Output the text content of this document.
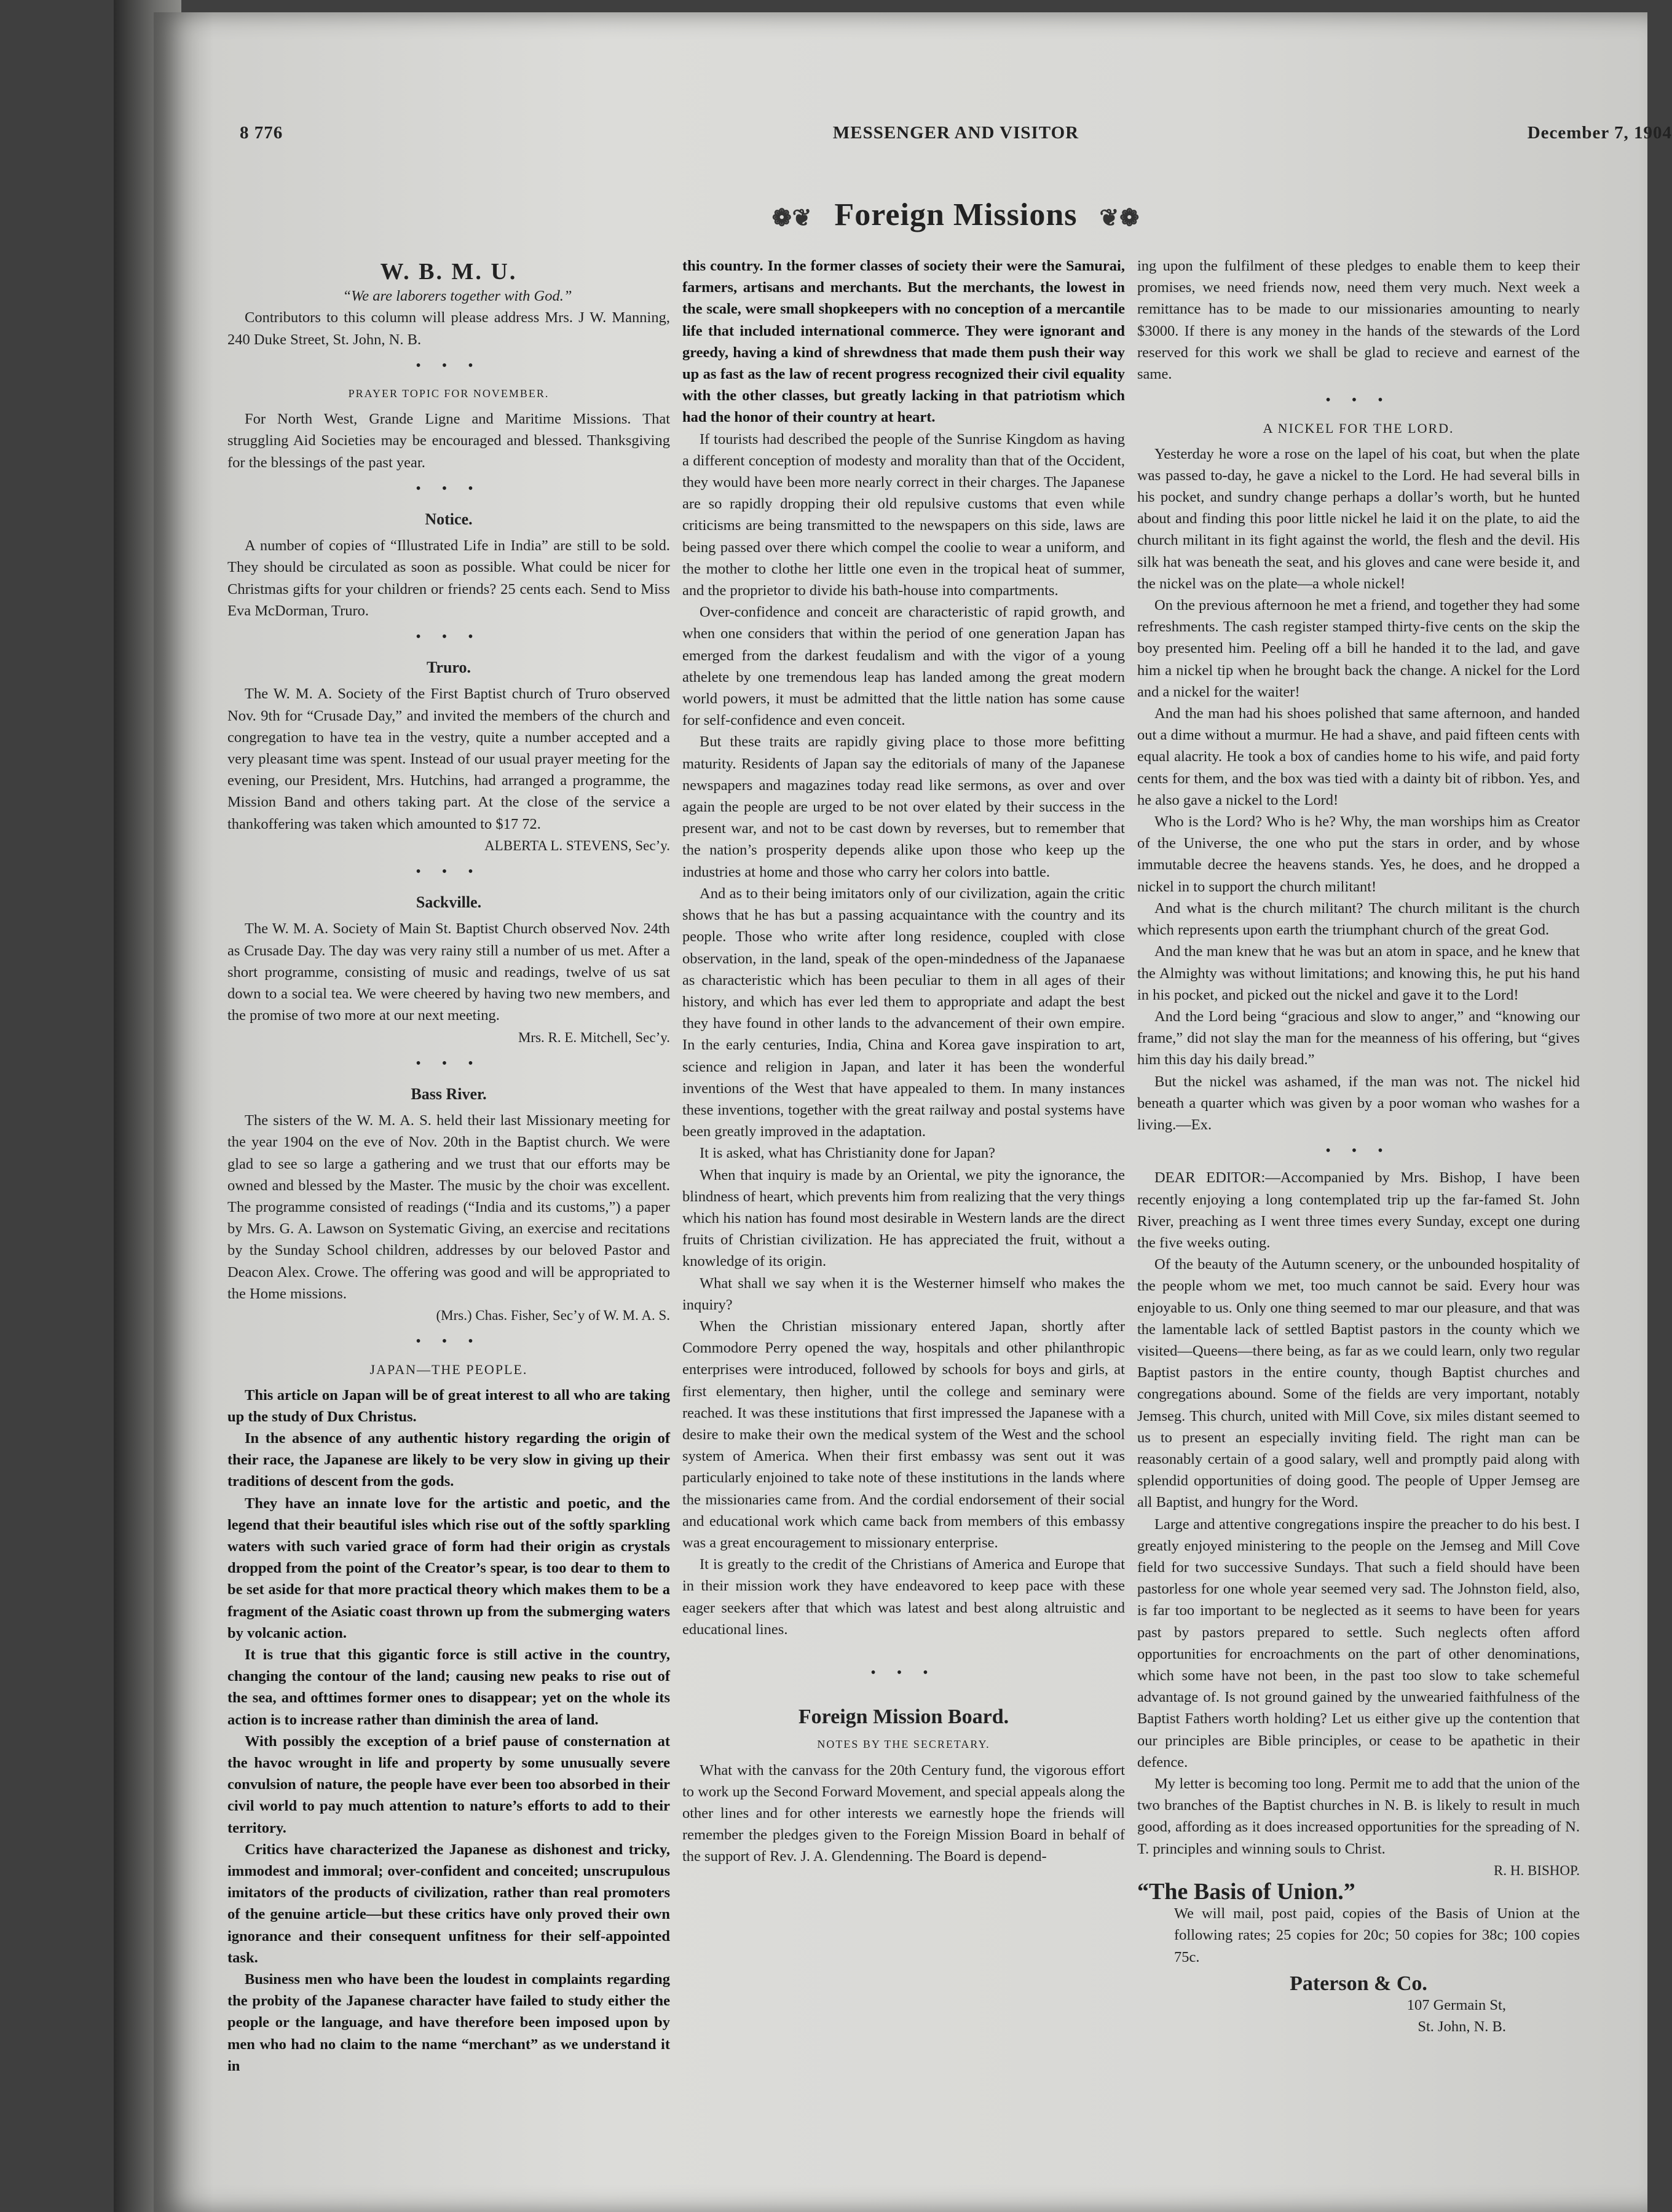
8 776	MESSENGER AND VISITOR	December 7, 1904
❁❦ Foreign Missions ❦❁
W. B. M. U.

“We are laborers together with God.”

Contributors to this column will please address Mrs. J W. Manning, 240 Duke Street, St. John, N. B.

• • •
PRAYER TOPIC FOR NOVEMBER.

For North West, Grande Ligne and Maritime Missions. That struggling Aid Societies may be encouraged and blessed. Thanksgiving for the blessings of the past year.

• • •
Notice.

A number of copies of “Illustrated Life in India” are still to be sold. They should be circulated as soon as possible. What could be nicer for Christmas gifts for your children or friends? 25 cents each. Send to Miss Eva McDorman, Truro.

• • •
Truro.

The W. M. A. Society of the First Baptist church of Truro observed Nov. 9th for “Crusade Day,” and invited the members of the church and congregation to have tea in the vestry, quite a number accepted and a very pleasant time was spent. Instead of our usual prayer meeting for the evening, our President, Mrs. Hutchins, had arranged a programme, the Mission Band and others taking part. At the close of the service a thankoffering was taken which amounted to $17 72.

ALBERTA L. STEVENS, Sec’y.
• • •
Sackville.

The W. M. A. Society of Main St. Baptist Church observed Nov. 24th as Crusade Day. The day was very rainy still a number of us met. After a short programme, consisting of music and readings, twelve of us sat down to a social tea. We were cheered by having two new members, and the promise of two more at our next meeting.

Mrs. R. E. Mitchell, Sec’y.
• • •
Bass River.

The sisters of the W. M. A. S. held their last Missionary meeting for the year 1904 on the eve of Nov. 20th in the Baptist church. We were glad to see so large a gathering and we trust that our efforts may be owned and blessed by the Master. The music by the choir was excellent. The programme consisted of readings (“India and its customs,”) a paper by Mrs. G. A. Lawson on Systematic Giving, an exercise and recitations by the Sunday School children, addresses by our beloved Pastor and Deacon Alex. Crowe. The offering was good and will be appropriated to the Home missions.

(Mrs.) Chas. Fisher, Sec’y of W. M. A. S.
• • •
JAPAN—THE PEOPLE.

This article on Japan will be of great interest to all who are taking up the study of Dux Christus.

In the absence of any authentic history regarding the origin of their race, the Japanese are likely to be very slow in giving up their traditions of descent from the gods.

They have an innate love for the artistic and poetic, and the legend that their beautiful isles which rise out of the softly sparkling waters with such varied grace of form had their origin as crystals dropped from the point of the Creator’s spear, is too dear to them to be set aside for that more practical theory which makes them to be a fragment of the Asiatic coast thrown up from the submerging waters by volcanic action.

It is true that this gigantic force is still active in the country, changing the contour of the land; causing new peaks to rise out of the sea, and ofttimes former ones to disappear; yet on the whole its action is to increase rather than diminish the area of land.

With possibly the exception of a brief pause of consternation at the havoc wrought in life and property by some unusually severe convulsion of nature, the people have ever been too absorbed in their civil world to pay much attention to nature’s efforts to add to their territory.

Critics have characterized the Japanese as dishonest and tricky, immodest and immoral; over-confident and conceited; unscrupulous imitators of the products of civilization, rather than real promoters of the genuine article—but these critics have only proved their own ignorance and their consequent unfitness for their self-appointed task.

Business men who have been the loudest in complaints regarding the probity of the Japanese character have failed to study either the people or the language, and have therefore been imposed upon by men who had no claim to the name “merchant” as we understand it in

this country. In the former classes of society their were the Samurai, farmers, artisans and merchants. But the merchants, the lowest in the scale, were small shopkeepers with no conception of a mercantile life that included international commerce. They were ignorant and greedy, having a kind of shrewdness that made them push their way up as fast as the law of recent progress recognized their civil equality with the other classes, but greatly lacking in that patriotism which had the honor of their country at heart.

If tourists had described the people of the Sunrise Kingdom as having a different conception of modesty and morality than that of the Occident, they would have been more nearly correct in their charges. The Japanese are so rapidly dropping their old repulsive customs that even while criticisms are being transmitted to the newspapers on this side, laws are being passed over there which compel the coolie to wear a uniform, and the mother to clothe her little one even in the tropical heat of summer, and the proprietor to divide his bath-house into compartments.

Over-confidence and conceit are characteristic of rapid growth, and when one considers that within the period of one generation Japan has emerged from the darkest feudalism and with the vigor of a young athelete by one tremendous leap has landed among the great modern world powers, it must be admitted that the little nation has some cause for self-confidence and even conceit.

But these traits are rapidly giving place to those more befitting maturity. Residents of Japan say the editorials of many of the Japanese newspapers and magazines today read like sermons, as over and over again the people are urged to be not over elated by their success in the present war, and not to be cast down by reverses, but to remember that the nation’s prosperity depends alike upon those who keep up the industries at home and those who carry her colors into battle.

And as to their being imitators only of our civilization, again the critic shows that he has but a passing acquaintance with the country and its people. Those who write after long residence, coupled with close observation, in the land, speak of the open-mindedness of the Japanaese as characteristic which has been peculiar to them in all ages of their history, and which has ever led them to appropriate and adapt the best they have found in other lands to the advancement of their own empire. In the early centuries, India, China and Korea gave inspiration to art, science and religion in Japan, and later it has been the wonderful inventions of the West that have appealed to them. In many instances these inventions, together with the great railway and postal systems have been greatly improved in the adaptation.

It is asked, what has Christianity done for Japan?

When that inquiry is made by an Oriental, we pity the ignorance, the blindness of heart, which prevents him from realizing that the very things which his nation has found most desirable in Western lands are the direct fruits of Christian civilization. He has appreciated the fruit, without a knowledge of its origin.

What shall we say when it is the Westerner himself who makes the inquiry?

When the Christian missionary entered Japan, shortly after Commodore Perry opened the way, hospitals and other philanthropic enterprises were introduced, followed by schools for boys and girls, at first elementary, then higher, until the college and seminary were reached. It was these institutions that first impressed the Japanese with a desire to make their own the medical system of the West and the school system of America. When their first embassy was sent out it was particularly enjoined to take note of these institutions in the lands where the missionaries came from. And the cordial endorsement of their social and educational work which came back from members of this embassy was a great encouragement to missionary enterprise.

It is greatly to the credit of the Christians of America and Europe that in their mission work they have endeavored to keep pace with these eager seekers after that which was latest and best along altruistic and educational lines.

• • •
Foreign Mission Board.
NOTES BY THE SECRETARY.

What with the canvass for the 20th Century fund, the vigorous effort to work up the Second Forward Movement, and special appeals along the other lines and for other interests we earnestly hope the friends will remember the pledges given to the Foreign Mission Board in behalf of the support of Rev. J. A. Glendenning. The Board is depend-

ing upon the fulfilment of these pledges to enable them to keep their promises, we need friends now, need them very much. Next week a remittance has to be made to our missionaries amounting to nearly $3000. If there is any money in the hands of the stewards of the Lord reserved for this work we shall be glad to recieve and earnest of the same.

• • •
A NICKEL FOR THE LORD.

Yesterday he wore a rose on the lapel of his coat, but when the plate was passed to-day, he gave a nickel to the Lord. He had several bills in his pocket, and sundry change perhaps a dollar’s worth, but he hunted about and finding this poor little nickel he laid it on the plate, to aid the church militant in its fight against the world, the flesh and the devil. His silk hat was beneath the seat, and his gloves and cane were beside it, and the nickel was on the plate—a whole nickel!

On the previous afternoon he met a friend, and together they had some refreshments. The cash register stamped thirty-five cents on the skip the boy presented him. Peeling off a bill he handed it to the lad, and gave him a nickel tip when he brought back the change. A nickel for the Lord and a nickel for the waiter!

And the man had his shoes polished that same afternoon, and handed out a dime without a murmur. He had a shave, and paid fifteen cents with equal alacrity. He took a box of candies home to his wife, and paid forty cents for them, and the box was tied with a dainty bit of ribbon. Yes, and he also gave a nickel to the Lord!

Who is the Lord? Who is he? Why, the man worships him as Creator of the Universe, the one who put the stars in order, and by whose immutable decree the heavens stands. Yes, he does, and he dropped a nickel in to support the church militant!

And what is the church militant? The church militant is the church which represents upon earth the triumphant church of the great God.

And the man knew that he was but an atom in space, and he knew that the Almighty was without limitations; and knowing this, he put his hand in his pocket, and picked out the nickel and gave it to the Lord!

And the Lord being “gracious and slow to anger,” and “knowing our frame,” did not slay the man for the meanness of his offering, but “gives him this day his daily bread.”

But the nickel was ashamed, if the man was not. The nickel hid beneath a quarter which was given by a poor woman who washes for a living.—Ex.

• • •

DEAR EDITOR:—Accompanied by Mrs. Bishop, I have been recently enjoying a long contemplated trip up the far-famed St. John River, preaching as I went three times every Sunday, except one during the five weeks outing.

Of the beauty of the Autumn scenery, or the unbounded hospitality of the people whom we met, too much cannot be said. Every hour was enjoyable to us. Only one thing seemed to mar our pleasure, and that was the lamentable lack of settled Baptist pastors in the county which we visited—Queens—there being, as far as we could learn, only two regular Baptist pastors in the entire county, though Baptist churches and congregations abound. Some of the fields are very important, notably Jemseg. This church, united with Mill Cove, six miles distant seemed to us to present an especially inviting field. The right man can be reasonably certain of a good salary, well and promptly paid along with splendid opportunities of doing good. The people of Upper Jemseg are all Baptist, and hungry for the Word.

Large and attentive congregations inspire the preacher to do his best. I greatly enjoyed ministering to the people on the Jemseg and Mill Cove field for two successive Sundays. That such a field should have been pastorless for one whole year seemed very sad. The Johnston field, also, is far too important to be neglected as it seems to have been for years past by pastors prepared to settle. Such neglects often afford opportunities for encroachments on the part of other denominations, which some have not been, in the past too slow to take schemeful advantage of. Is not ground gained by the unwearied faithfulness of the Baptist Fathers worth holding? Let us either give up the contention that our principles are Bible principles, or cease to be apathetic in their defence.

My letter is becoming too long. Permit me to add that the union of the two branches of the Baptist churches in N. B. is likely to result in much good, affording as it does increased opportunities for the spreading of N. T. principles and winning souls to Christ.

R. H. BISHOP.

“The Basis of Union.”

We will mail, post paid, copies of the Basis of Union at the following rates; 25 copies for 20c; 50 copies for 38c; 100 copies 75c.

Paterson & Co.
107 Germain St,
St. John, N. B.
